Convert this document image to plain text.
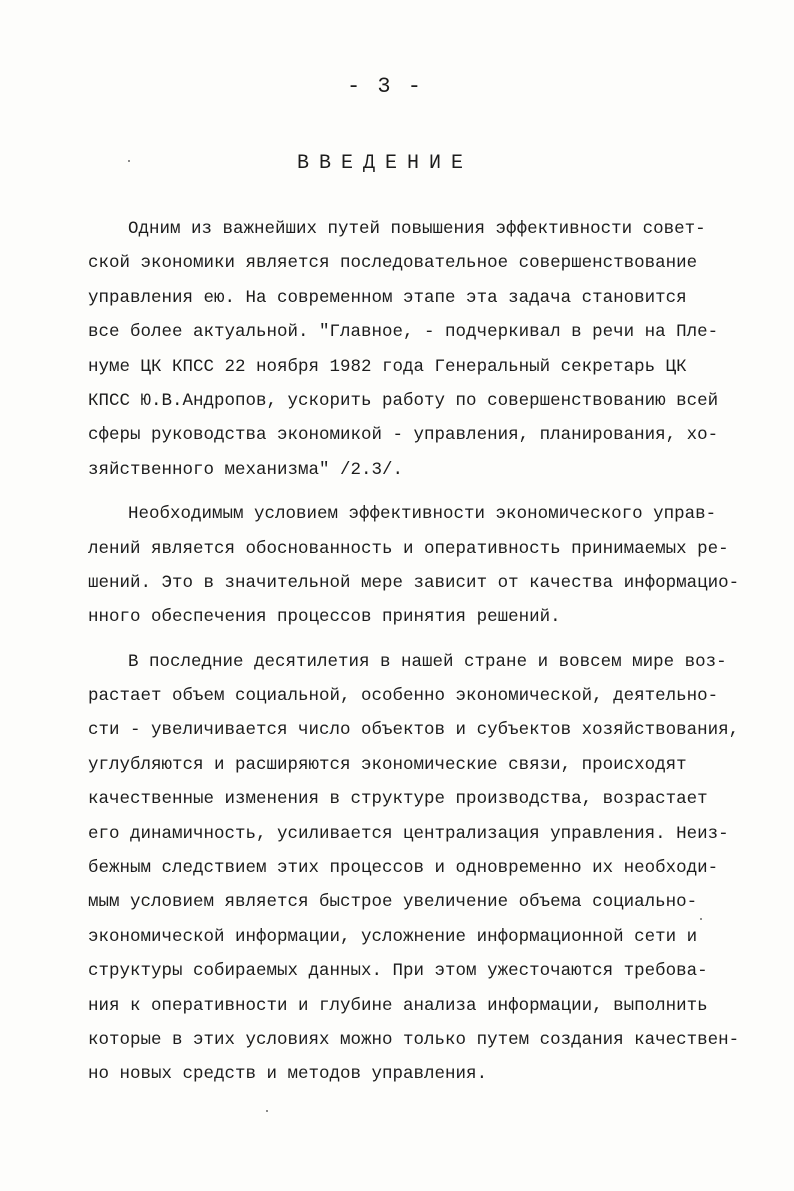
- 3 -
ВВЕДЕНИЕ
Одним из важнейших путей повышения эффективности совет-
ской экономики является последовательное совершенствование
управления ею. На современном этапе эта задача становится
все более актуальной. "Главное, - подчеркивал в речи на Пле-
нуме ЦК КПСС 22 ноября 1982 года Генеральный секретарь ЦК
КПСС Ю.В.Андропов, ускорить работу по совершенствованию всей
сферы руководства экономикой - управления, планирования, хо-
зяйственного механизма" /2.3/.
Необходимым условием эффективности экономического управ-
лений является обоснованность и оперативность принимаемых ре-
шений. Это в значительной мере зависит от качества информацио-
нного обеспечения процессов принятия решений.
В последние десятилетия в нашей стране и вовсем мире воз-
растает объем социальной, особенно экономической, деятельно-
сти - увеличивается число объектов и субъектов хозяйствования,
углубляются и расширяются экономические связи, происходят
качественные изменения в структуре производства, возрастает
его динамичность, усиливается централизация управления. Неиз-
бежным следствием этих процессов и одновременно их необходи-
мым условием является быстрое увеличение объема социально-
экономической информации, усложнение информационной сети и
структуры собираемых данных. При этом ужесточаются требова-
ния к оперативности и глубине анализа информации, выполнить
которые в этих условиях можно только путем создания качествен-
но новых средств и методов управления.
